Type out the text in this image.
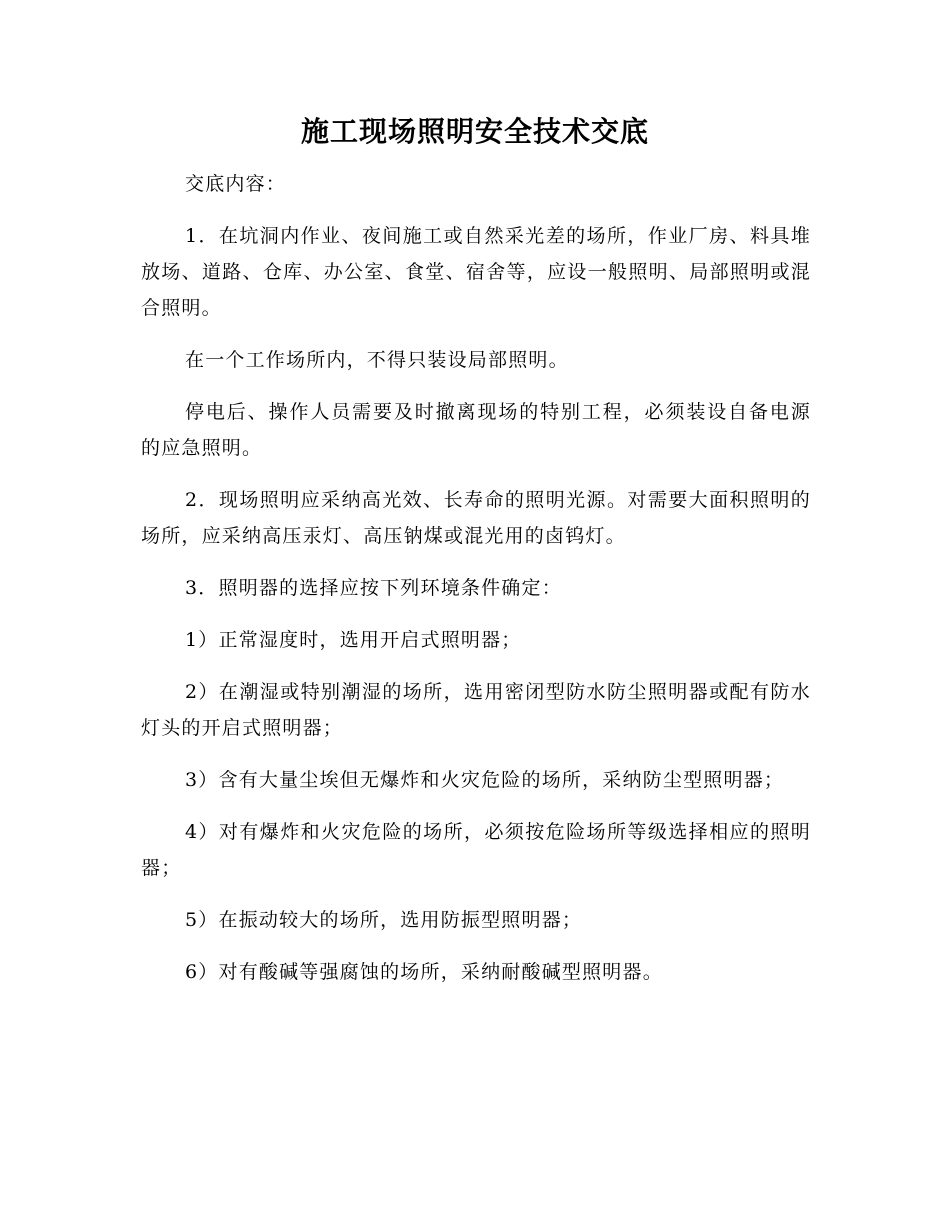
施工现场照明安全技术交底

交底内容：

1．在坑洞内作业、夜间施工或自然采光差的场所，作业厂房、料具堆放场、道路、仓库、办公室、食堂、宿舍等，应设一般照明、局部照明或混合照明。

在一个工作场所内，不得只装设局部照明。

停电后、操作人员需要及时撤离现场的特别工程，必须装设自备电源的应急照明。

2．现场照明应采纳高光效、长寿命的照明光源。对需要大面积照明的场所，应采纳高压汞灯、高压钠煤或混光用的卤钨灯。

3．照明器的选择应按下列环境条件确定：

1）正常湿度时，选用开启式照明器；

2）在潮湿或特别潮湿的场所，选用密闭型防水防尘照明器或配有防水灯头的开启式照明器；

3）含有大量尘埃但无爆炸和火灾危险的场所，采纳防尘型照明器；

4）对有爆炸和火灾危险的场所，必须按危险场所等级选择相应的照明器；

5）在振动较大的场所，选用防振型照明器；

6）对有酸碱等强腐蚀的场所，采纳耐酸碱型照明器。
